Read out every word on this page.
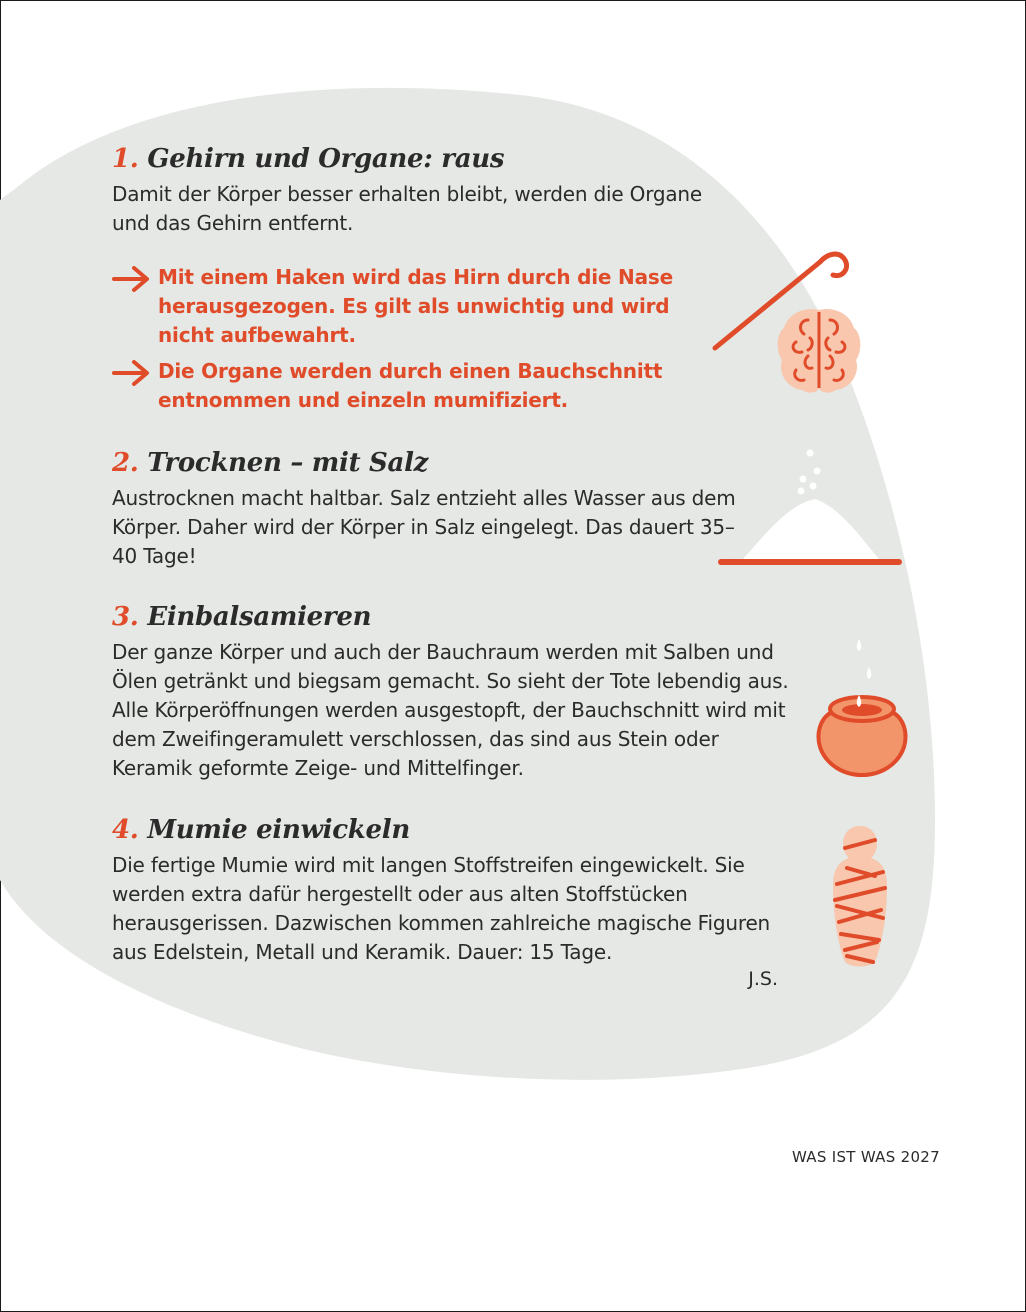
1. Gehirn und Organe: raus

Damit der Körper besser erhalten bleibt, werden die Organe und das Gehirn entfernt.

Mit einem Haken wird das Hirn durch die Nase herausgezogen. Es gilt als unwichtig und wird nicht aufbewahrt.
Die Organe werden durch einen Bauchschnitt entnommen und einzeln mumifiziert.
2. Trocknen – mit Salz

Austrocknen macht haltbar. Salz entzieht alles Wasser aus dem Körper. Daher wird der Körper in Salz eingelegt. Das dauert 35–40 Tage!

3. Einbalsamieren

Der ganze Körper und auch der Bauchraum werden mit Salben und Ölen getränkt und biegsam gemacht. So sieht der Tote lebendig aus. Alle Körperöffnungen werden ausgestopft, der Bauchschnitt wird mit dem Zweifingeramulett verschlossen, das sind aus Stein oder Keramik geformte Zeige- und Mittelfinger.

4. Mumie einwickeln

Die fertige Mumie wird mit langen Stoffstreifen eingewickelt. Sie werden extra dafür hergestellt oder aus alten Stoffstücken herausgerissen. Dazwischen kommen zahlreiche magische Figuren aus Edelstein, Metall und Keramik. Dauer: 15 Tage.

J.S.
WAS IST WAS 2027
